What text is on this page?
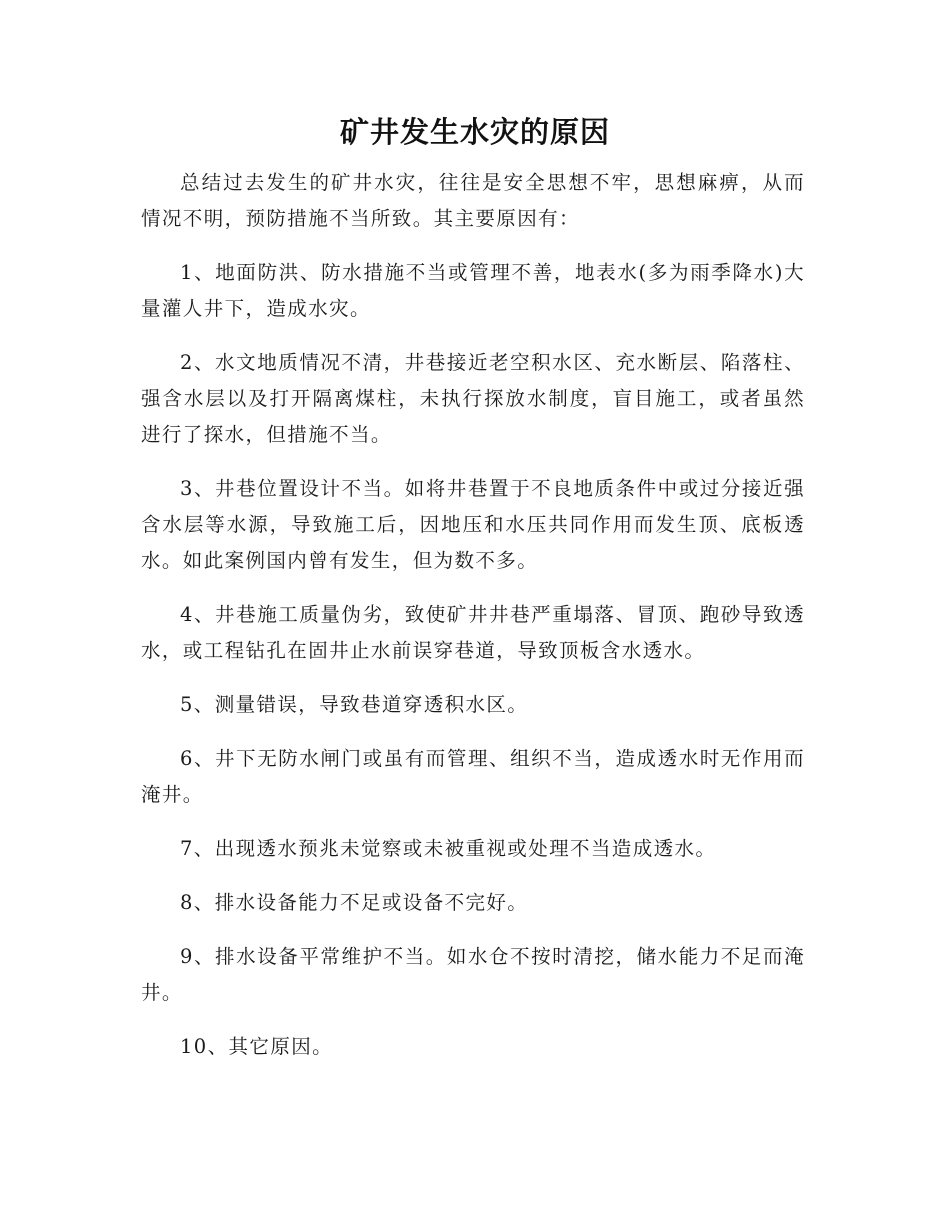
矿井发生水灾的原因

总结过去发生的矿井水灾，往往是安全思想不牢，思想麻痹，从而情况不明，预防措施不当所致。其主要原因有：

1、地面防洪、防水措施不当或管理不善，地表水(多为雨季降水)大量灌人井下，造成水灾。

2、水文地质情况不清，井巷接近老空积水区、充水断层、陷落柱、强含水层以及打开隔离煤柱，未执行探放水制度，盲目施工，或者虽然进行了探水，但措施不当。

3、井巷位置设计不当。如将井巷置于不良地质条件中或过分接近强含水层等水源，导致施工后，因地压和水压共同作用而发生顶、底板透水。如此案例国内曾有发生，但为数不多。

4、井巷施工质量伪劣，致使矿井井巷严重塌落、冒顶、跑砂导致透水，或工程钻孔在固井止水前误穿巷道，导致顶板含水透水。

5、测量错误，导致巷道穿透积水区。

6、井下无防水闸门或虽有而管理、组织不当，造成透水时无作用而淹井。

7、出现透水预兆未觉察或未被重视或处理不当造成透水。

8、排水设备能力不足或设备不完好。

9、排水设备平常维护不当。如水仓不按时清挖，储水能力不足而淹井。

10、其它原因。
